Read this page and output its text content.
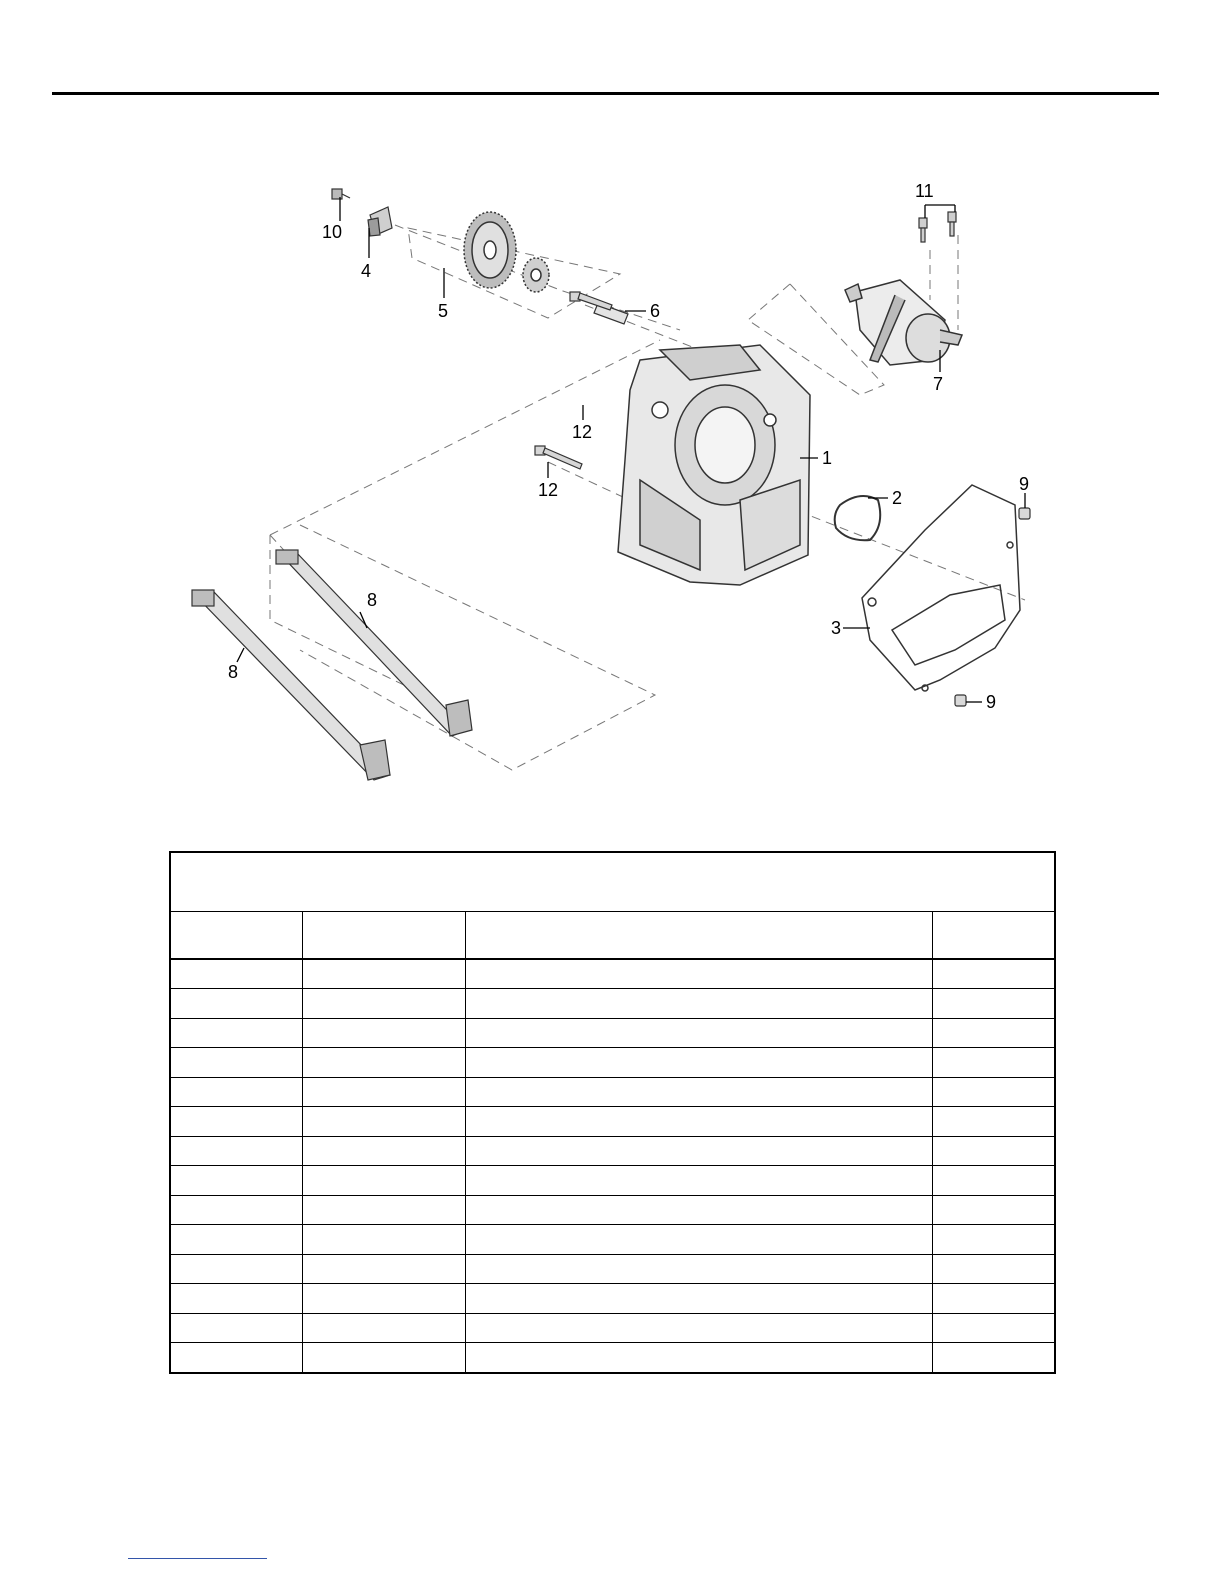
10
4
5	6
11
7
12
12
1
2
9
3
9
8
8
